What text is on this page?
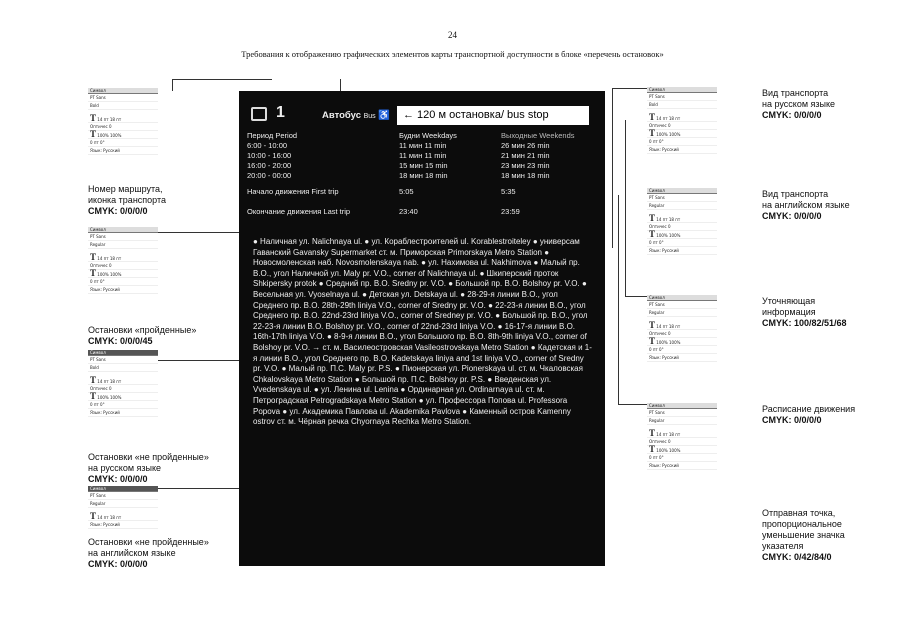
24
Требования к отображению графических элементов карты транспортной доступности в блоке «перечень остановок»
Символ
PT Sans
Bold
T 14 пт 18 пт
Оптичес 0
T 100% 100%
0 пт 0°
Язык: Русский
Номер маршрута,
иконка транспорта
CMYK: 0/0/0/0
Символ
PT Sans
Regular
T 14 пт 18 пт
Оптичес 0
T 100% 100%
0 пт 0°
Язык: Русский
Остановки «пройденные»
CMYK: 0/0/0/45
Символ
PT Sans
Bold
T 14 пт 18 пт
Оптичес 0
T 100% 100%
0 пт 0°
Язык: Русский
Остановки «не пройденные»
на русском языке
CMYK: 0/0/0/0
Символ
PT Sans
Regular
T 14 пт 18 пт
Язык: Русский
Остановки «не пройденные»
на английском языке
CMYK: 0/0/0/0
Символ
PT Sans
Bold
T 14 пт 18 пт
Оптичес 0
T 100% 100%
0 пт 0°
Язык: Русский
Вид транспорта
на русском языке
CMYK: 0/0/0/0
Символ
PT Sans
Regular
T 14 пт 18 пт
Оптичес 0
T 100% 100%
0 пт 0°
Язык: Русский
Вид транспорта
на английском языке
CMYK: 0/0/0/0
Символ
PT Sans
Regular
T 14 пт 18 пт
Оптичес 0
T 100% 100%
0 пт 0°
Язык: Русский
Уточняющая
информация
CMYK: 100/82/51/68
Символ
PT Sans
Regular
T 14 пт 18 пт
Оптичес 0
T 100% 100%
0 пт 0°
Язык: Русский
Расписание движения
CMYK: 0/0/0/0
Отправная точка,
пропорциональное
уменьшение значка
указателя
CMYK: 0/42/84/0
1	Автобус Bus ♿	← 120 м остановка/ bus stop
Период Period	Будни Weekdays	Выходные Weekends
6:00 - 10:00	11 мин 11 min	26 мин 26 min
10:00 - 16:00	11 мин 11 min	21 мин 21 min
16:00 - 20:00	15 мин 15 min	23 мин 23 min
20:00 - 00:00	18 мин 18 min	18 мин 18 min
Начало движения First trip	5:05	5:35
Окончание движения Last trip	23:40	23:59
● Наличная ул. Nalichnaya ul. ● ул. Кораблестроителей ul. Korablestroiteley ● универсам Гаванский Gavansky Supermarket ст. м. Приморская Primorskaya Metro Station ● Новосмоленская наб. Novosmolenskaya nab. ● ул. Нахимова ul. Nakhimova ● Малый пр. В.О., угол Наличной ул. Maly pr. V.O., corner of Nalichnaya ul. ● Шкиперский проток Shkipersky protok ● Средний пр. В.О. Sredny pr. V.O. ● Большой пр. В.О. Bolshoy pr. V.O. ● Весельная ул. Vyoselnaya ul. ● Детская ул. Detskaya ul. ● 28-29-я линии В.О., угол Среднего пр. В.О. 28th-29th liniya V.O., corner of Sredny pr. V.O. ● 22-23-я линии В.О., угол Среднего пр. В.О. 22nd-23rd liniya V.O., corner of Sredney pr. V.O. ● Большой пр. В.О., угол 22-23-я линии В.О. Bolshoy pr. V.O., corner of 22nd-23rd liniya V.O. ● 16-17-я линии В.О. 16th-17th liniya V.O. ● 8-9-я линии В.О., угол Большого пр. В.О. 8th-9th liniya V.O., corner of Bolshoy pr. V.O. → ст. м. Василеостровская Vasileostrovskaya Metro Station ● Кадетская и 1-я линии В.О., угол Среднего пр. В.О. Kadetskaya liniya and 1st liniya V.O., corner of Sredny pr. V.O. ● Малый пр. П.С. Maly pr. P.S. ● Пионерская ул. Pionerskaya ul. ст. м. Чкаловская Chkalovskaya Metro Station ● Большой пр. П.С. Bolshoy pr. P.S. ● Введенская ул. Vvedenskaya ul. ● ул. Ленина ul. Lenina ● Ординарная ул. Ordinarnaya ul. ст. м. Петроградская Petrogradskaya Metro Station ● ул. Профессора Попова ul. Professora Popova ● ул. Академика Павлова ul. Akademika Pavlova ● Каменный остров Kamenny ostrov ст. м. Чёрная речка Chyornaya Rechka Metro Station.
